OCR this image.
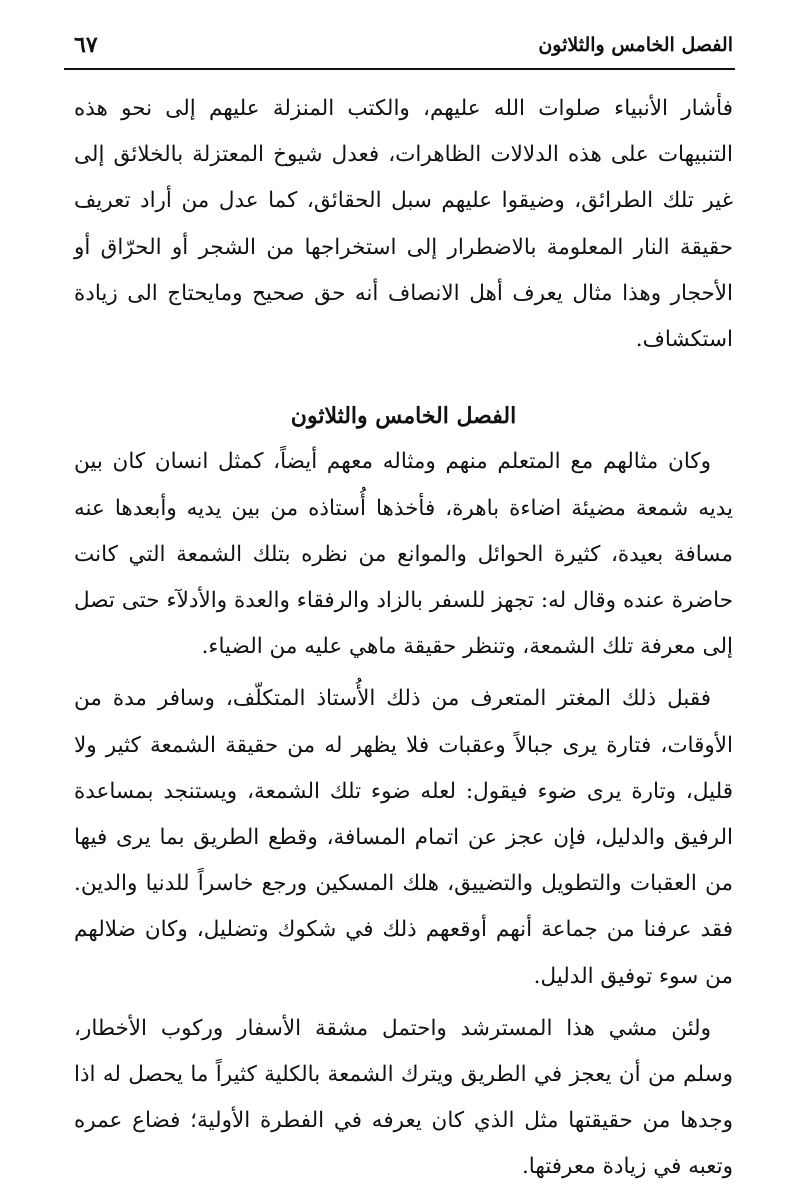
الفصل الخامس والثلاثون
٦٧

فأشار الأنبياء صلوات الله عليهم، والكتب المنزلة عليهم إلى نحو هذه التنبيهات على هذه الدلالات الظاهرات، فعدل شيوخ المعتزلة بالخلائق إلى غير تلك الطرائق، وضيقوا عليهم سبل الحقائق، كما عدل من أراد تعريف حقيقة النار المعلومة بالاضطرار إلى استخراجها من الشجر أو الحرّاق أو الأحجار وهذا مثال يعرف أهل الانصاف أنه حق صحيح ومايحتاج الى زيادة استكشاف.

الفصل الخامس والثلاثون

وكان مثالهم مع المتعلم منهم ومثاله معهم أيضاً، كمثل انسان كان بين يديه شمعة مضيئة اضاءة باهرة، فأخذها أُستاذه من بين يديه وأبعدها عنه مسافة بعيدة، كثيرة الحوائل والموانع من نظره بتلك الشمعة التي كانت حاضرة عنده وقال له: تجهز للسفر بالزاد والرفقاء والعدة والأدلآء حتى تصل إلى معرفة تلك الشمعة، وتنظر حقيقة ماهي عليه من الضياء.

فقبل ذلك المغتر المتعرف من ذلك الأُستاذ المتكلّف، وسافر مدة من الأوقات، فتارة يرى جبالاً وعقبات فلا يظهر له من حقيقة الشمعة كثير ولا قليل، وتارة يرى ضوء فيقول: لعله ضوء تلك الشمعة، ويستنجد بمساعدة الرفيق والدليل، فإن عجز عن اتمام المسافة، وقطع الطريق بما يرى فيها من العقبات والتطويل والتضييق، هلك المسكين ورجع خاسراً للدنيا والدين. فقد عرفنا من جماعة أنهم أوقعهم ذلك في شكوك وتضليل، وكان ضلالهم من سوء توفيق الدليل.

ولئن مشي هذا المسترشد واحتمل مشقة الأسفار وركوب الأخطار، وسلم من أن يعجز في الطريق ويترك الشمعة بالكلية كثيراً ما يحصل له اذا وجدها من حقيقتها مثل الذي كان يعرفه في الفطرة الأولية؛ فضاع عمره وتعبه في زيادة معرفتها.
